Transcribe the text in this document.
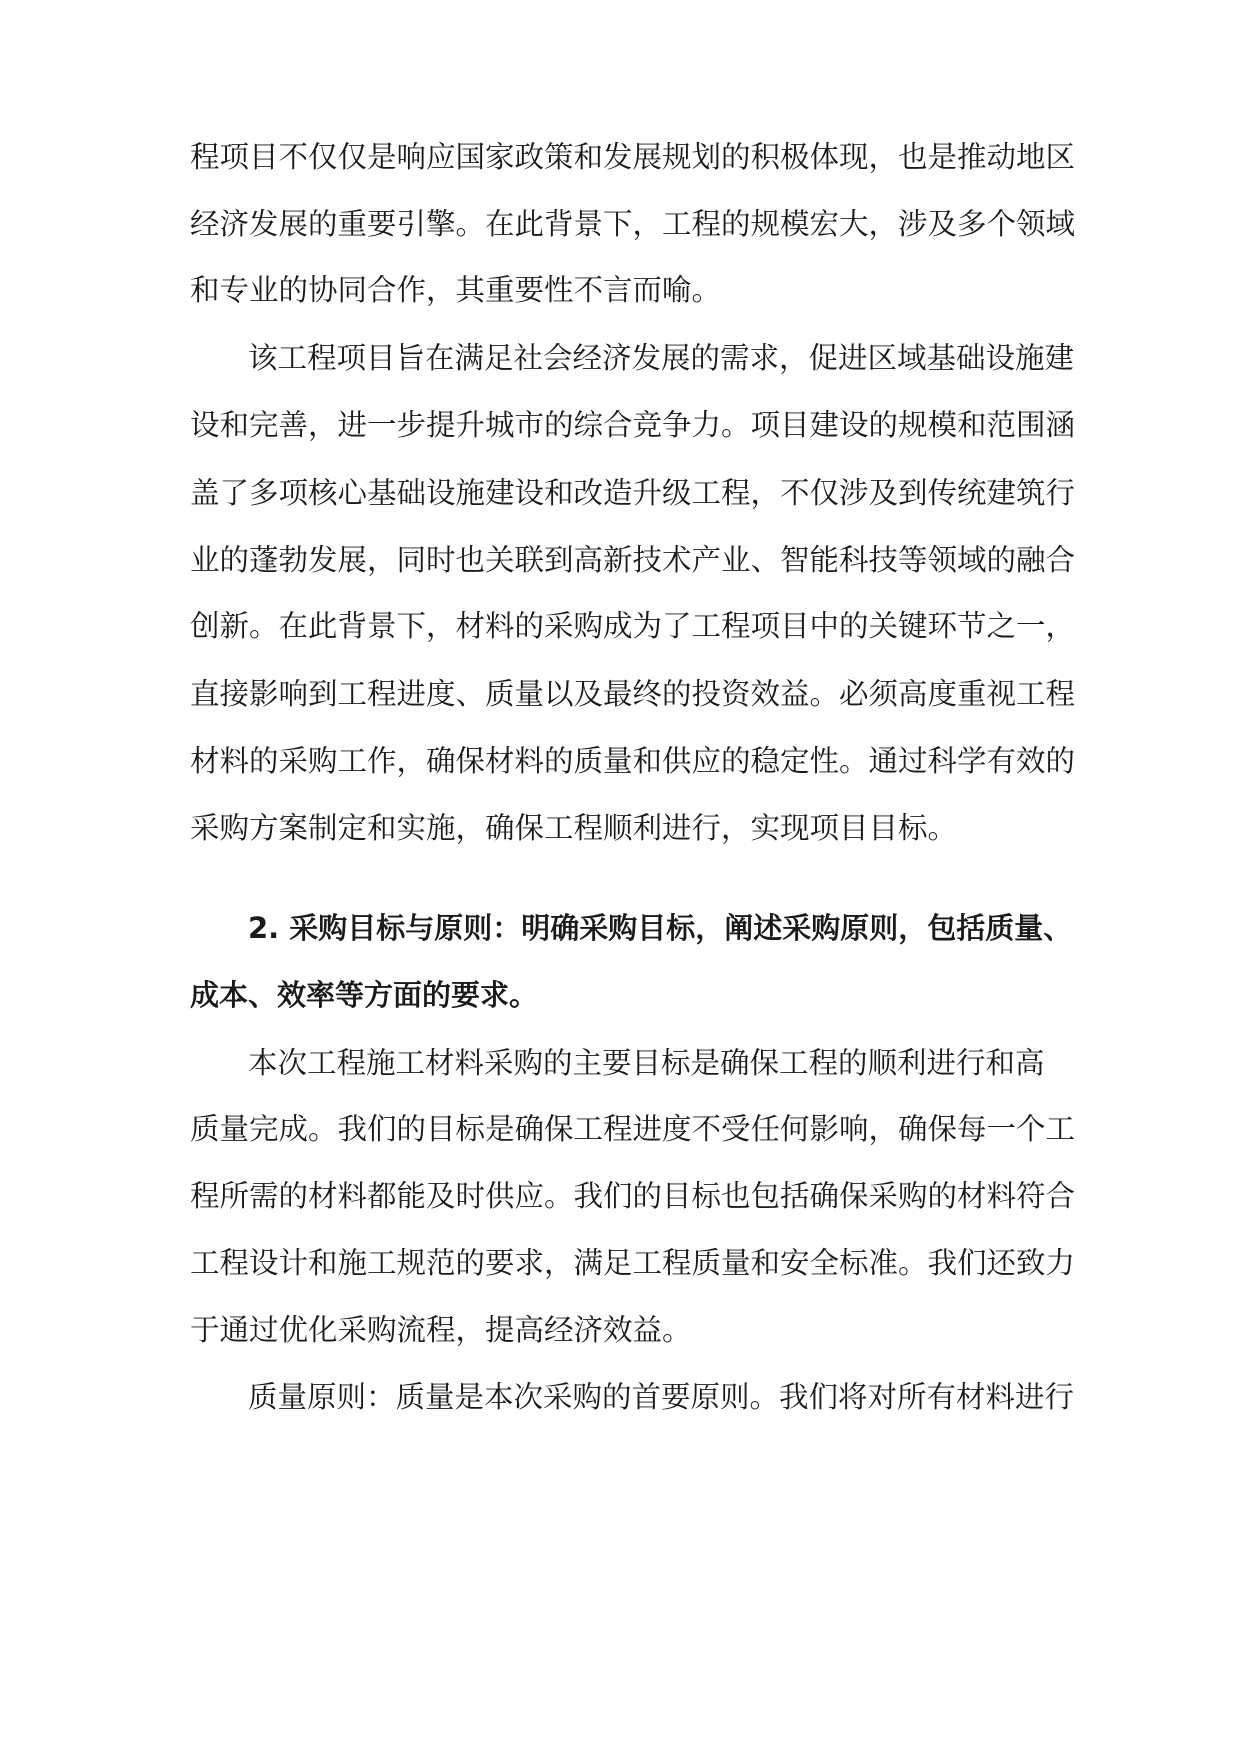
程项目不仅仅是响应国家政策和发展规划的积极体现，也是推动地区

经济发展的重要引擎。在此背景下，工程的规模宏大，涉及多个领域

和专业的协同合作，其重要性不言而喻。

该工程项目旨在满足社会经济发展的需求，促进区域基础设施建

设和完善，进一步提升城市的综合竞争力。项目建设的规模和范围涵

盖了多项核心基础设施建设和改造升级工程，不仅涉及到传统建筑行

业的蓬勃发展，同时也关联到高新技术产业、智能科技等领域的融合

创新。在此背景下，材料的采购成为了工程项目中的关键环节之一，

直接影响到工程进度、质量以及最终的投资效益。必须高度重视工程

材料的采购工作，确保材料的质量和供应的稳定性。通过科学有效的

采购方案制定和实施，确保工程顺利进行，实现项目目标。

2. 采购目标与原则：明确采购目标，阐述采购原则，包括质量、

成本、效率等方面的要求。

本次工程施工材料采购的主要目标是确保工程的顺利进行和高

质量完成。我们的目标是确保工程进度不受任何影响，确保每一个工

程所需的材料都能及时供应。我们的目标也包括确保采购的材料符合

工程设计和施工规范的要求，满足工程质量和安全标准。我们还致力

于通过优化采购流程，提高经济效益。

质量原则：质量是本次采购的首要原则。我们将对所有材料进行
